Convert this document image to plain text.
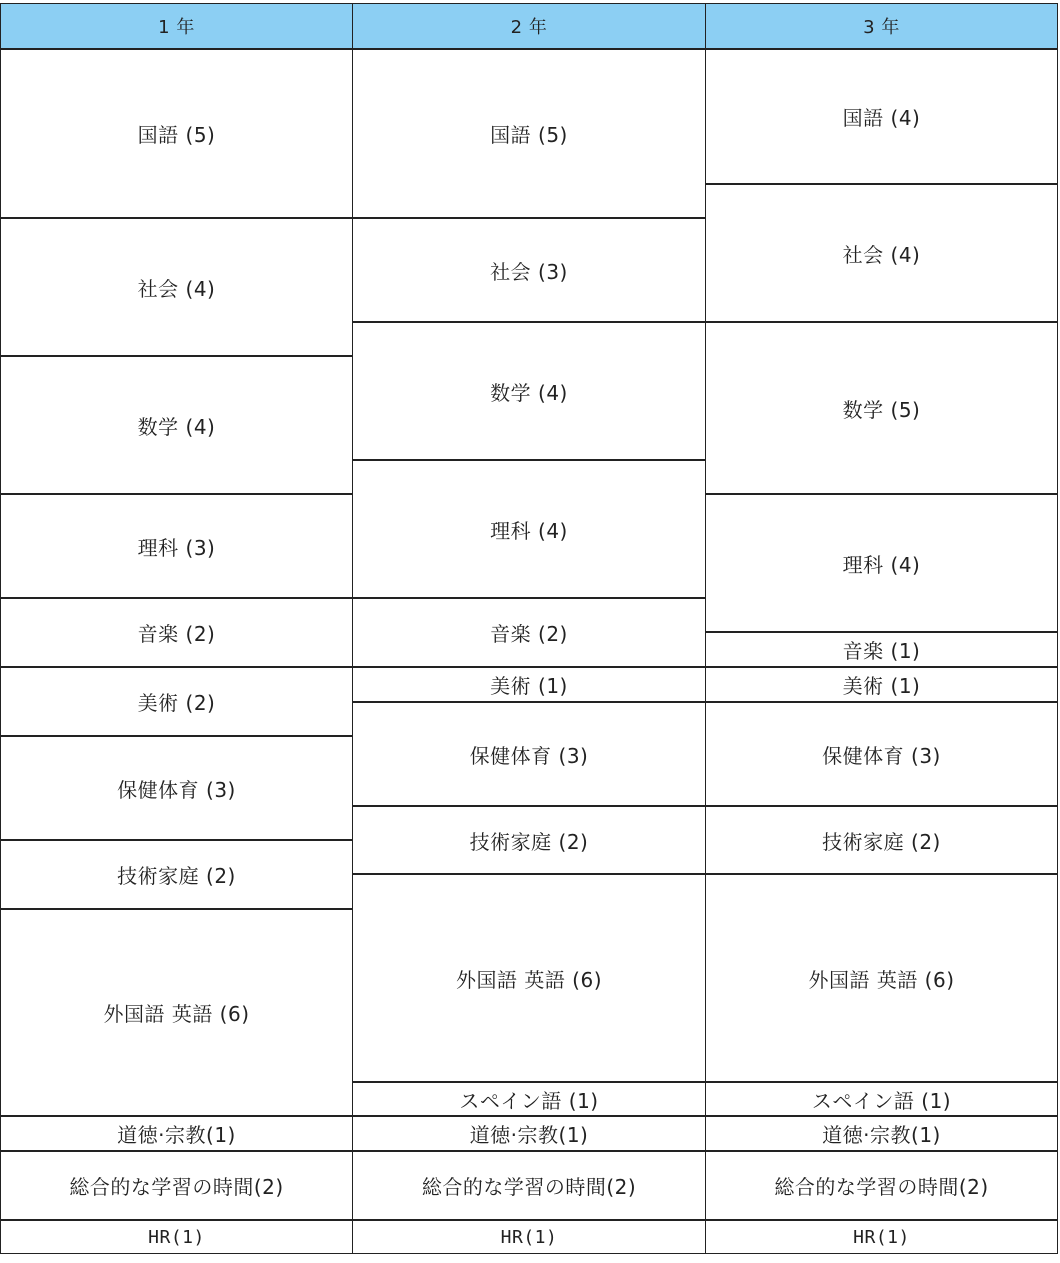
1 年
国語 (5)
社会 (4)
数学 (4)
理科 (3)
音楽 (2)
美術 (2)
保健体育 (3)
技術家庭 (2)
外国語 英語 (6)
道徳·宗教(1)
総合的な学習の時間(2)
HR(1)
2 年
国語 (5)
社会 (3)
数学 (4)
理科 (4)
音楽 (2)
美術 (1)
保健体育 (3)
技術家庭 (2)
外国語 英語 (6)
スペイン語 (1)
道徳·宗教(1)
総合的な学習の時間(2)
HR(1)
3 年
国語 (4)
社会 (4)
数学 (5)
理科 (4)
音楽 (1)
美術 (1)
保健体育 (3)
技術家庭 (2)
外国語 英語 (6)
スペイン語 (1)
道徳·宗教(1)
総合的な学習の時間(2)
HR(1)
